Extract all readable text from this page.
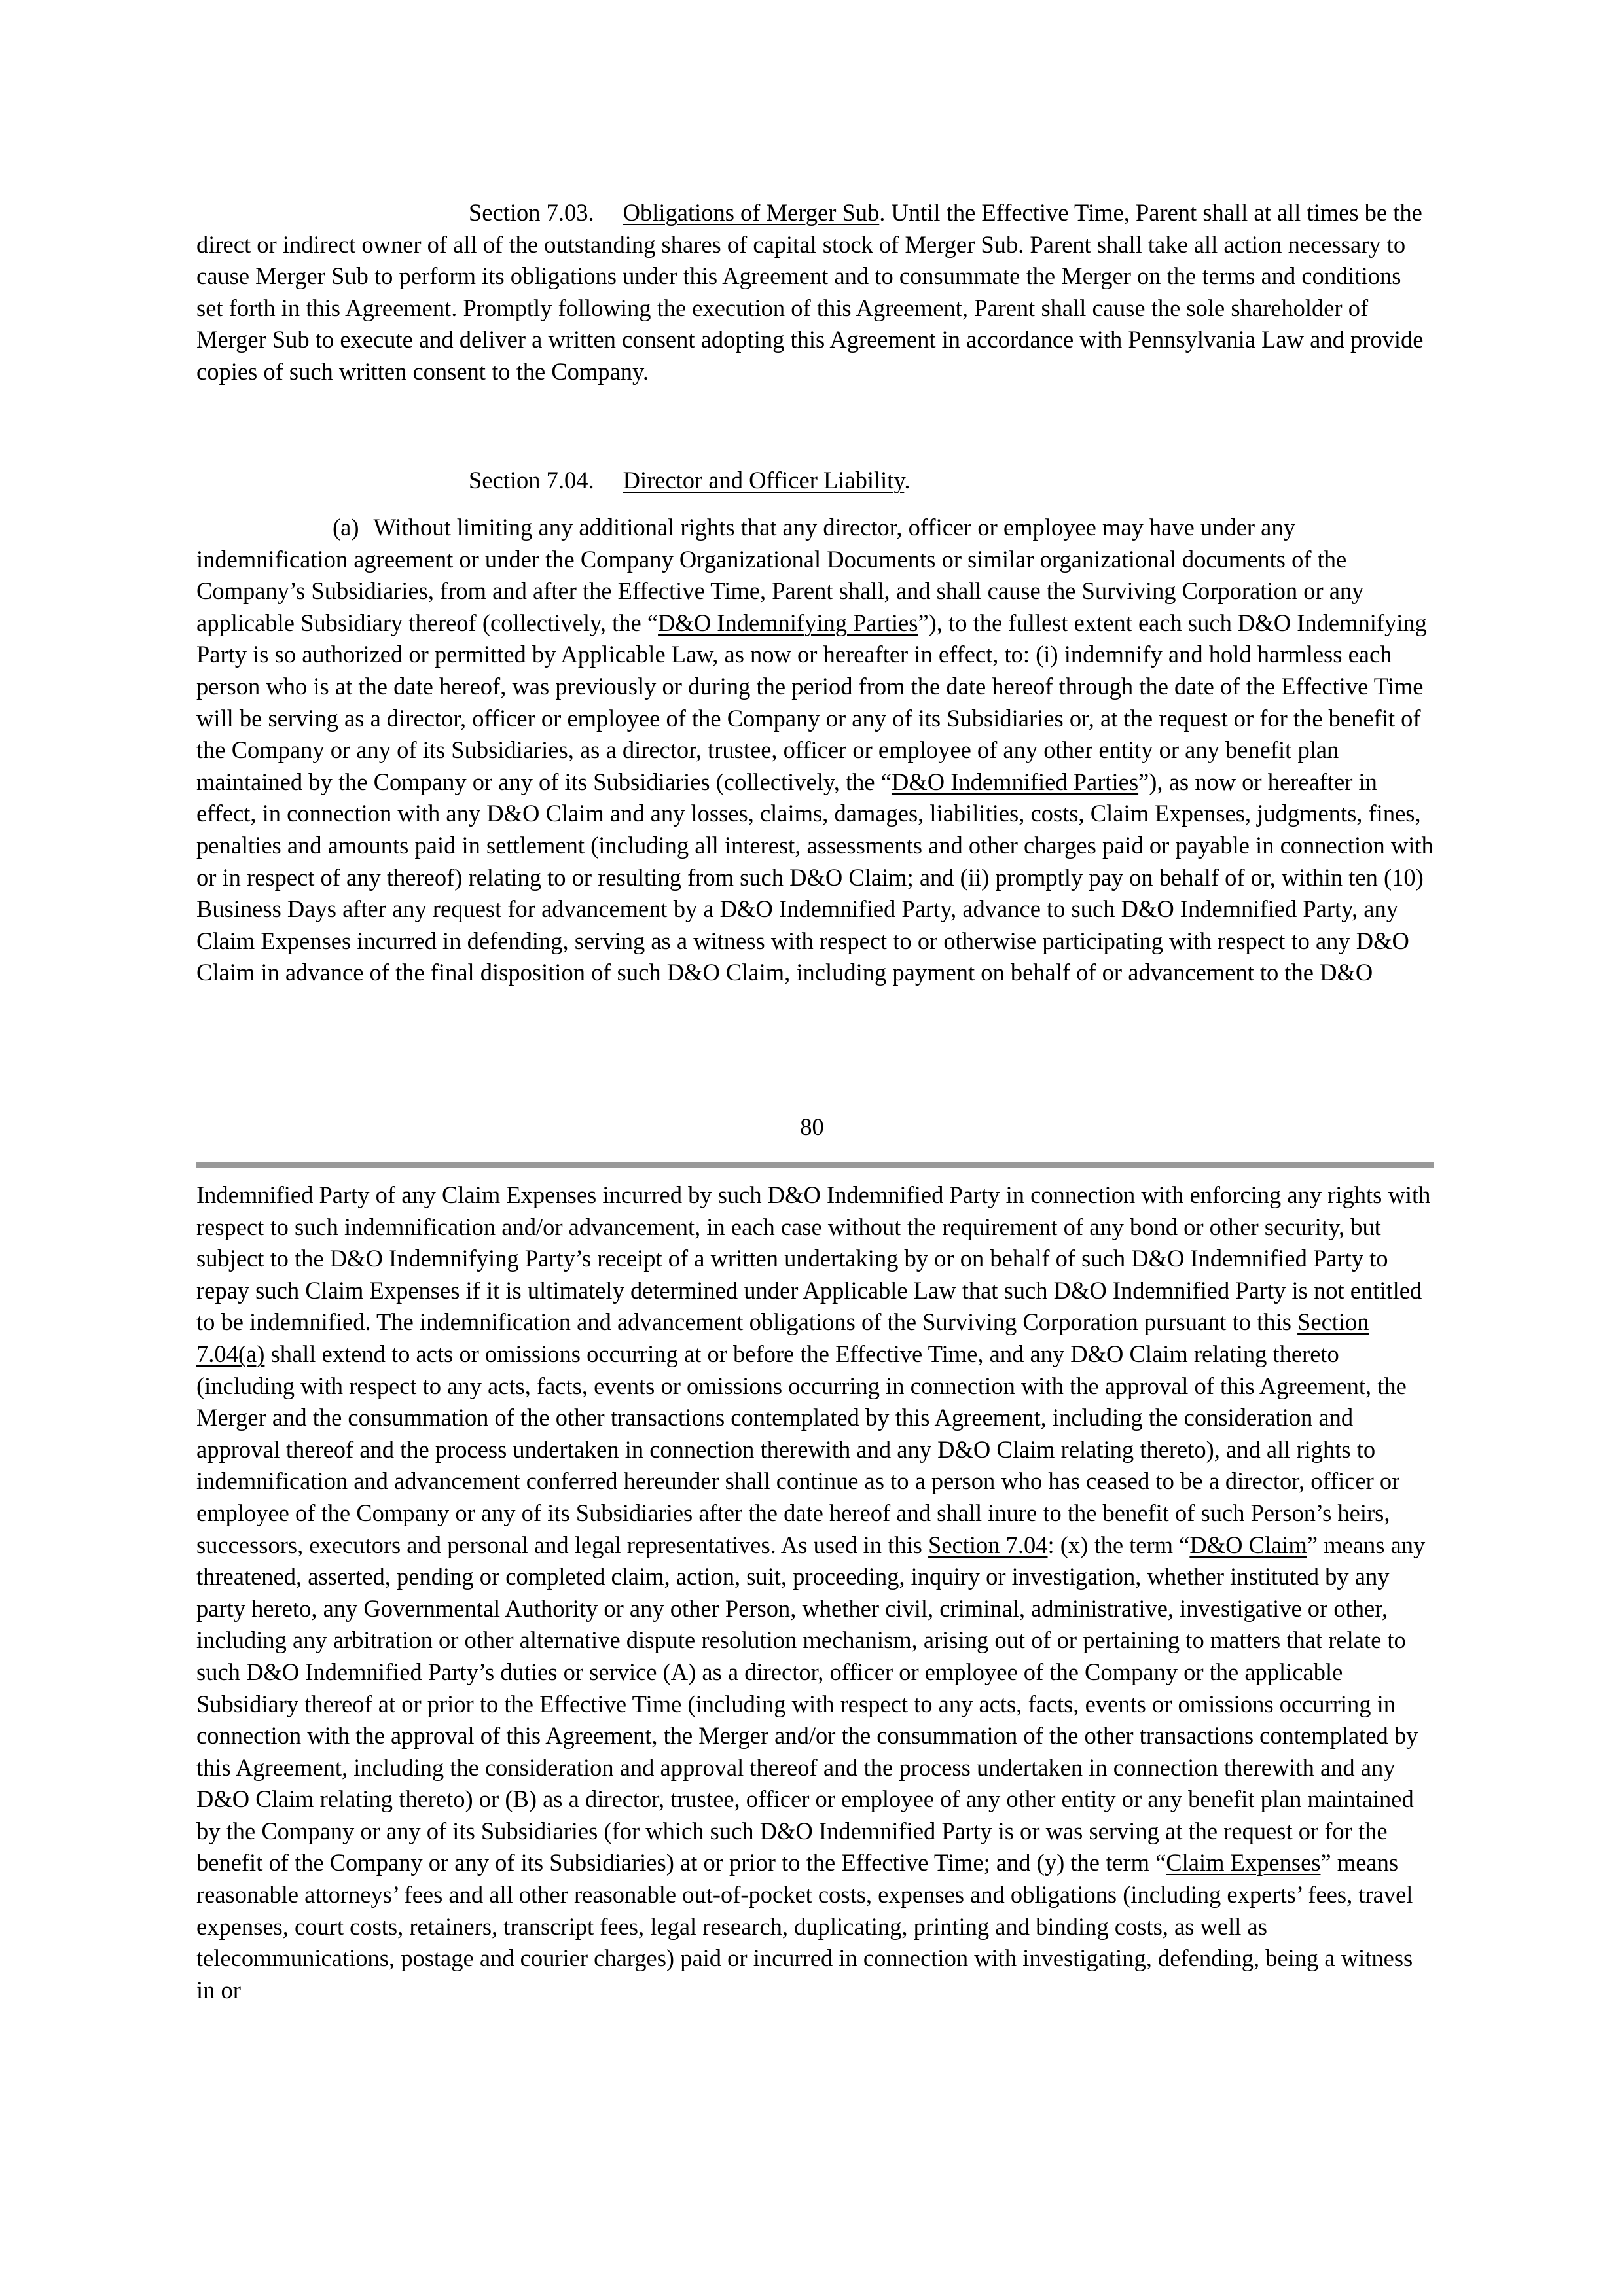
Section 7.03. Obligations of Merger Sub. Until the Effective Time, Parent shall at all times be the direct or indirect owner of all of the outstanding shares of capital stock of Merger Sub. Parent shall take all action necessary to cause Merger Sub to perform its obligations under this Agreement and to consummate the Merger on the terms and conditions set forth in this Agreement. Promptly following the execution of this Agreement, Parent shall cause the sole shareholder of Merger Sub to execute and deliver a written consent adopting this Agreement in accordance with Pennsylvania Law and provide copies of such written consent to the Company.

Section 7.04. Director and Officer Liability.

(a) Without limiting any additional rights that any director, officer or employee may have under any indemnification agreement or under the Company Organizational Documents or similar organizational documents of the Company’s Subsidiaries, from and after the Effective Time, Parent shall, and shall cause the Surviving Corporation or any applicable Subsidiary thereof (collectively, the “D&O Indemnifying Parties”), to the fullest extent each such D&O Indemnifying Party is so authorized or permitted by Applicable Law, as now or hereafter in effect, to: (i) indemnify and hold harmless each person who is at the date hereof, was previously or during the period from the date hereof through the date of the Effective Time will be serving as a director, officer or employee of the Company or any of its Subsidiaries or, at the request or for the benefit of the Company or any of its Subsidiaries, as a director, trustee, officer or employee of any other entity or any benefit plan maintained by the Company or any of its Subsidiaries (collectively, the “D&O Indemnified Parties”), as now or hereafter in effect, in connection with any D&O Claim and any losses, claims, damages, liabilities, costs, Claim Expenses, judgments, fines, penalties and amounts paid in settlement (including all interest, assessments and other charges paid or payable in connection with or in respect of any thereof) relating to or resulting from such D&O Claim; and (ii) promptly pay on behalf of or, within ten (10) Business Days after any request for advancement by a D&O Indemnified Party, advance to such D&O Indemnified Party, any Claim Expenses incurred in defending, serving as a witness with respect to or otherwise participating with respect to any D&O Claim in advance of the final disposition of such D&O Claim, including payment on behalf of or advancement to the D&O

80

Indemnified Party of any Claim Expenses incurred by such D&O Indemnified Party in connection with enforcing any rights with respect to such indemnification and/or advancement, in each case without the requirement of any bond or other security, but subject to the D&O Indemnifying Party’s receipt of a written undertaking by or on behalf of such D&O Indemnified Party to repay such Claim Expenses if it is ultimately determined under Applicable Law that such D&O Indemnified Party is not entitled to be indemnified. The indemnification and advancement obligations of the Surviving Corporation pursuant to this Section 7.04(a) shall extend to acts or omissions occurring at or before the Effective Time, and any D&O Claim relating thereto (including with respect to any acts, facts, events or omissions occurring in connection with the approval of this Agreement, the Merger and the consummation of the other transactions contemplated by this Agreement, including the consideration and approval thereof and the process undertaken in connection therewith and any D&O Claim relating thereto), and all rights to indemnification and advancement conferred hereunder shall continue as to a person who has ceased to be a director, officer or employee of the Company or any of its Subsidiaries after the date hereof and shall inure to the benefit of such Person’s heirs, successors, executors and personal and legal representatives. As used in this Section 7.04: (x) the term “D&O Claim” means any threatened, asserted, pending or completed claim, action, suit, proceeding, inquiry or investigation, whether instituted by any party hereto, any Governmental Authority or any other Person, whether civil, criminal, administrative, investigative or other, including any arbitration or other alternative dispute resolution mechanism, arising out of or pertaining to matters that relate to such D&O Indemnified Party’s duties or service (A) as a director, officer or employee of the Company or the applicable Subsidiary thereof at or prior to the Effective Time (including with respect to any acts, facts, events or omissions occurring in connection with the approval of this Agreement, the Merger and/or the consummation of the other transactions contemplated by this Agreement, including the consideration and approval thereof and the process undertaken in connection therewith and any D&O Claim relating thereto) or (B) as a director, trustee, officer or employee of any other entity or any benefit plan maintained by the Company or any of its Subsidiaries (for which such D&O Indemnified Party is or was serving at the request or for the benefit of the Company or any of its Subsidiaries) at or prior to the Effective Time; and (y) the term “Claim Expenses” means reasonable attorneys’ fees and all other reasonable out-of-pocket costs, expenses and obligations (including experts’ fees, travel expenses, court costs, retainers, transcript fees, legal research, duplicating, printing and binding costs, as well as telecommunications, postage and courier charges) paid or incurred in connection with investigating, defending, being a witness in or
